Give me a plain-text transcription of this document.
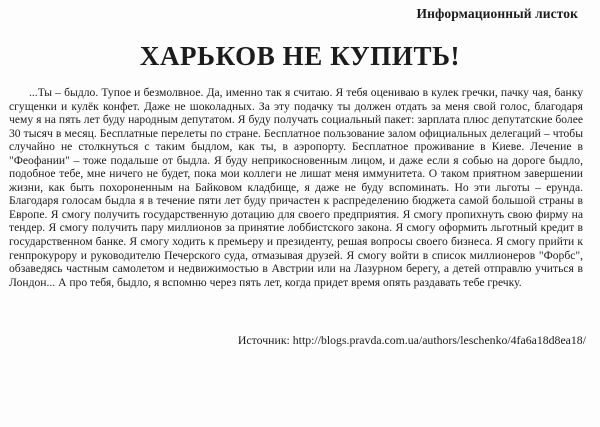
Информационный листок
ХАРЬКОВ НЕ КУПИТЬ!

...Ты – быдло. Тупое и безмолвное. Да, именно так я считаю. Я тебя оцениваю в кулек гречки, пачку чая, банку сгущенки и кулёк конфет. Даже не шоколадных. За эту подачку ты должен отдать за меня свой голос, благодаря чему я на пять лет буду народным депутатом. Я буду получать социальный пакет: зарплата плюс депутатские более 30 тысяч в месяц. Бесплатные перелеты по стране. Бесплатное пользование залом официальных делегаций – чтобы случайно не столкнуться с таким быдлом, как ты, в аэропорту. Бесплатное проживание в Киеве. Лечение в "Феофании" – тоже подальше от быдла. Я буду неприкосновенным лицом, и даже если я собью на дороге быдло, подобное тебе, мне ничего не будет, пока мои коллеги не лишат меня иммунитета. О таком приятном завершении жизни, как быть похороненным на Байковом кладбище, я даже не буду вспоминать. Но эти льготы – ерунда. Благодаря голосам быдла я в течение пяти лет буду причастен к распределению бюджета самой большой страны в Европе. Я смогу получить государственную дотацию для своего предприятия. Я смогу пропихнуть свою фирму на тендер. Я смогу получить пару миллионов за принятие лоббистского закона. Я смогу оформить льготный кредит в государственном банке. Я смогу ходить к премьеру и президенту, решая вопросы своего бизнеса. Я смогу прийти к генпрокурору и руководителю Печерского суда, отмазывая друзей. Я смогу войти в список миллионеров "Форбс", обзаведясь частным самолетом и недвижимостью в Австрии или на Лазурном берегу, а детей отправлю учиться в Лондон... А про тебя, быдло, я вспомню через пять лет, когда придет время опять раздавать тебе гречку.

Источник: http://blogs.pravda.com.ua/authors/leschenko/4fa6a18d8ea18/
